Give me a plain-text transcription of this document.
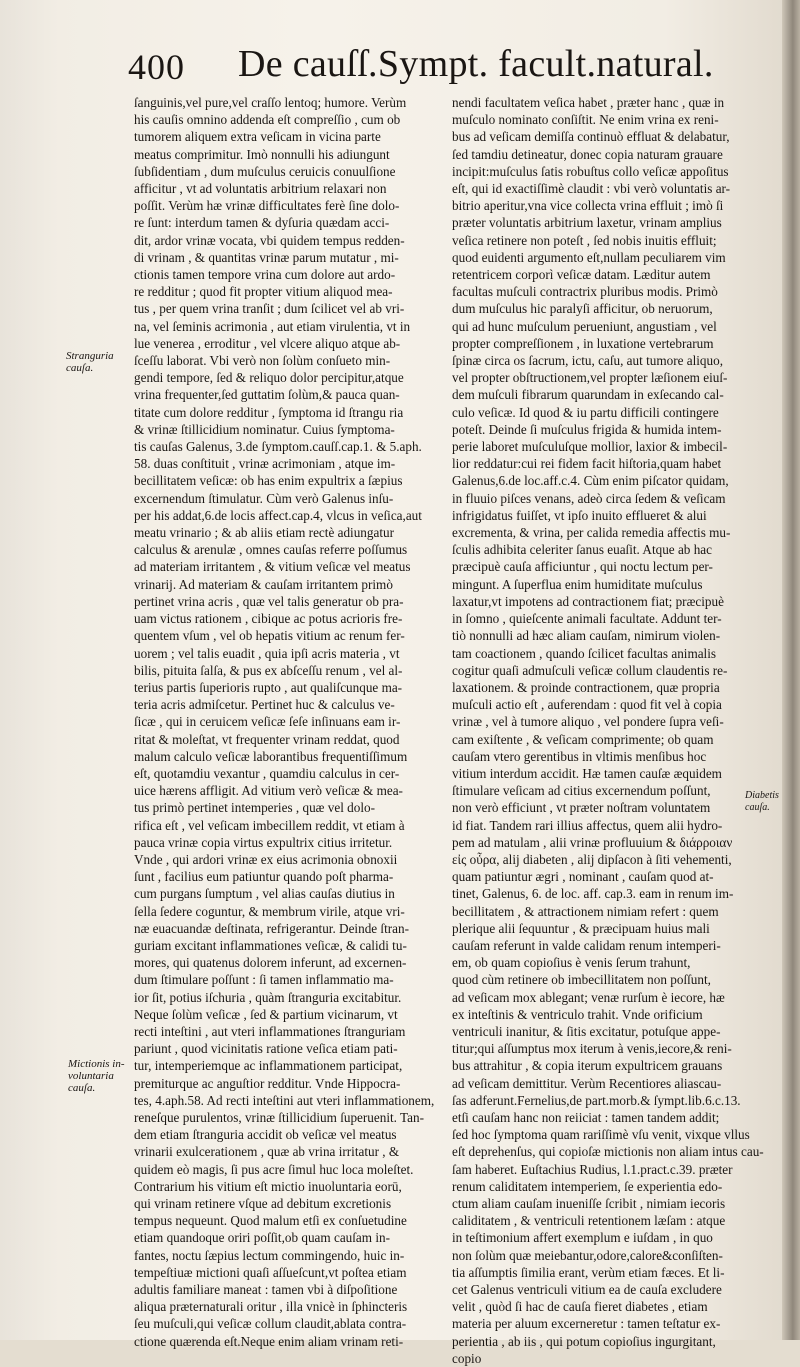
400 De cauſſ.Sympt. facult.natural.
Stranguria cauſa.
Mictionis in-voluntaria cauſa.
Diabetis cauſa.
ſanguinis,vel pure,vel craſſo lentoq; humore. Verùm
his cauſis omnino addenda eſt compreſſio , cum ob
tumorem aliquem extra veſicam in vicina parte
meatus comprimitur. Imò nonnulli his adiungunt
ſubſidentiam , dum muſculus ceruicis conuulſione
afficitur , vt ad voluntatis arbitrium relaxari non
poſſit. Verùm hæ vrinæ difficultates ferè ſine dolo-
re ſunt: interdum tamen & dyſuria quædam acci-
dit, ardor vrinæ vocata, vbi quidem tempus redden-
di vrinam , & quantitas vrinæ parum mutatur , mi-
ctionis tamen tempore vrina cum dolore aut ardo-
re redditur ; quod fit propter vitium aliquod mea-
tus , per quem vrina tranſit ; dum ſcilicet vel ab vri-
na, vel ſeminis acrimonia , aut etiam virulentia, vt in
lue venerea , erroditur , vel vlcere aliquo atque ab-
ſceſſu laborat. Vbi verò non ſolùm conſueto min-
gendi tempore, ſed & reliquo dolor percipitur,atque
vrina frequenter,ſed guttatim ſolùm,& pauca quan-
titate cum dolore redditur , ſymptoma id ſtrangu ria
& vrinæ ſtillicidium nominatur. Cuius ſymptoma-
tis cauſas Galenus, 3.de ſymptom.cauſſ.cap.1. & 5.aph.
58. duas conſtituit , vrinæ acrimoniam , atque im-
becillitatem veſicæ: ob has enim expultrix a ſæpius
excernendum ſtimulatur. Cùm verò Galenus inſu-
per his addat,6.de locis affect.cap.4, vlcus in veſica,aut
meatu vrinario ; & ab aliis etiam rectè adiungatur
calculus & arenulæ , omnes cauſas referre poſſumus
ad materiam irritantem , & vitium veſicæ vel meatus
vrinarij. Ad materiam & cauſam irritantem primò
pertinet vrina acris , quæ vel talis generatur ob pra-
uam victus rationem , cibique ac potus acrioris fre-
quentem vſum , vel ob hepatis vitium ac renum fer-
uorem ; vel talis euadit , quia ipſi acris materia , vt
bilis, pituita ſalſa, & pus ex abſceſſu renum , vel al-
terius partis ſuperioris rupto , aut qualiſcunque ma-
teria acris admiſcetur. Pertinet huc & calculus ve-
ſicæ , qui in ceruicem veſicæ ſeſe inſinuans eam ir-
ritat & moleſtat, vt frequenter vrinam reddat, quod
malum calculo veſicæ laborantibus frequentiſſimum
eſt, quotamdiu vexantur , quamdiu calculus in cer-
uice hærens affligit. Ad vitium verò veſicæ & mea-
tus primò pertinet intemperies , quæ vel dolo-
rifica eſt , vel veſicam imbecillem reddit, vt etiam à
pauca vrinæ copia virtus expultrix citius irritetur.
Vnde , qui ardori vrinæ ex eius acrimonia obnoxii
ſunt , facilius eum patiuntur quando poſt pharma-
cum purgans ſumptum , vel alias cauſas diutius in
ſella ſedere coguntur, & membrum virile, atque vri-
næ euacuandæ deſtinata, refrigerantur. Deinde ſtran-
guriam excitant inflammationes veſicæ, & calidi tu-
mores, qui quatenus dolorem inferunt, ad excernen-
dum ſtimulare poſſunt : ſi tamen inflammatio ma-
ior ſit, potius iſchuria , quàm ſtranguria excitabitur.
Neque ſolùm veſicæ , ſed & partium vicinarum, vt
recti inteſtini , aut vteri inflammationes ſtranguriam
pariunt , quod vicinitatis ratione veſica etiam pati-
tur, intemperiemque ac inflammationem participat,
premiturque ac anguſtior redditur. Vnde Hippocra-
tes, 4.aph.58. Ad recti inteſtini aut vteri inflammationem,
reneſque purulentos, vrinæ ſtillicidium ſuperuenit. Tan-
dem etiam ſtranguria accidit ob veſicæ vel meatus
vrinarii exulcerationem , quæ ab vrina irritatur , &
quidem eò magis, ſi pus acre ſimul huc loca moleſtet.
Contrarium his vitium eſt mictio inuoluntaria eorū,
qui vrinam retinere vſque ad debitum excretionis
tempus nequeunt. Quod malum etſi ex conſuetudine
etiam quandoque oriri poſſit,ob quam cauſam in-
fantes, noctu ſæpius lectum commingendo, huic in-
tempeſtiuæ mictioni quaſi aſſueſcunt,vt poſtea etiam
adultis familiare maneat : tamen vbi à diſpoſitione
aliqua præternaturali oritur , illa vnicè in ſphincteris
ſeu muſculi,qui veſicæ collum claudit,ablata contra-
ctione quærenda eſt.Neque enim aliam vrinam reti-
nendi facultatem veſica habet , præter hanc , quæ in
muſculo nominato conſiſtit. Ne enim vrina ex reni-
bus ad veſicam demiſſa continuò effluat & delabatur,
ſed tamdiu detineatur, donec copia naturam grauare
incipit:muſculus ſatis robuſtus collo veſicæ appoſitus
eſt, qui id exactiſſimè claudit : vbi verò voluntatis ar-
bitrio aperitur,vna vice collecta vrina effluit ; imò ſi
præter voluntatis arbitrium laxetur, vrinam amplius
veſica retinere non poteſt , ſed nobis inuitis effluit;
quod euidenti argumento eſt,nullam peculiarem vim
retentricem corporì veſicæ datam. Læditur autem
facultas muſculi contractrix pluribus modis. Primò
dum muſculus hic paralyſi afficitur, ob neruorum,
qui ad hunc muſculum perueniunt, angustiam , vel
propter compreſſionem , in luxatione vertebrarum
ſpinæ circa os ſacrum, ictu, caſu, aut tumore aliquo,
vel propter obſtructionem,vel propter læſionem eiuſ-
dem muſculi fibrarum quarundam in exſecando cal-
culo veſicæ. Id quod & iu partu difficili contingere
poteſt. Deinde ſi muſculus frigida & humida intem-
perie laboret muſculuſque mollior, laxior & imbecil-
lior reddatur:cui rei fidem facit hiſtoria,quam habet
Galenus,6.de loc.aff.c.4. Cùm enim piſcator quidam,
in fluuio piſces venans, adeò circa ſedem & veſicam
infrigidatus fuiſſet, vt ipſo inuito efflueret & alui
excrementa, & vrina, per calida remedia affectis mu-
ſculis adhibita celeriter ſanus euaſit. Atque ab hac
præcipuè cauſa afficiuntur , qui noctu lectum per-
mingunt. A ſuperflua enim humiditate muſculus
laxatur,vt impotens ad contractionem fiat; præcipuè
in ſomno , quieſcente animali facultate. Addunt ter-
tiò nonnulli ad hæc aliam cauſam, nimirum violen-
tam coactionem , quando ſcilicet facultas animalis
cogitur quaſi admuſculi veſicæ collum claudentis re-
laxationem. & proinde contractionem, quæ propria
muſculi actio eſt , auferendam : quod fit vel à copia
vrinæ , vel à tumore aliquo , vel pondere ſupra veſi-
cam exiſtente , & veſicam comprimente; ob quam
cauſam vtero gerentibus in vltimis menſibus hoc
vitium interdum accidit. Hæ tamen cauſæ æquidem
ſtimulare veſicam ad citius excernendum poſſunt,
non verò efficiunt , vt præter noſtram voluntatem
id fiat. Tandem rari illius affectus, quem alii hydro-
pem ad matulam , alii vrinæ profluuium & διάρροιαν
εἰς οὖρα, alij diabeten , alij dipſacon à ſiti vehementi,
quam patiuntur ægri , nominant , cauſam quod at-
tinet, Galenus, 6. de loc. aff. cap.3. eam in renum im-
becillitatem , & attractionem nimiam refert : quem
plerique alii ſequuntur , & præcipuam huius mali
cauſam referunt in valde calidam renum intemperi-
em, ob quam copioſius è venis ſerum trahunt,
quod cùm retinere ob imbecillitatem non poſſunt,
ad veſicam mox ablegant; venæ rurſum è iecore, hæ
ex inteſtinis & ventriculo trahit. Vnde orificium
ventriculi inanitur, & ſitis excitatur, potuſque appe-
titur;qui aſſumptus mox iterum à venis,iecore,& reni-
bus attrahitur , & copia iterum expultricem grauans
ad veſicam demittitur. Verùm Recentiores aliascau-
ſas adferunt.Fernelius,de part.morb.& ſympt.lib.6.c.13.
etſi cauſam hanc non reiiciat : tamen tandem addit;
ſed hoc ſymptoma quam rariſſimè vſu venit, vixque vllus
eſt deprehenſus, qui copioſæ mictionis non aliam intus cau-
ſam haberet. Euſtachius Rudius, l.1.pract.c.39. præter
renum caliditatem intemperiem, ſe experientia edo-
ctum aliam cauſam inueniſſe ſcribit , nimiam iecoris
caliditatem , & ventriculi retentionem læſam : atque
in teſtimonium affert exemplum e iuſdam , in quo
non ſolùm quæ meiebantur,odore,calore&conſiſten-
tia aſſumptis ſimilia erant, verùm etiam fæces. Et li-
cet Galenus ventriculi vitium ea de cauſa excludere
velit , quòd ſi hac de cauſa fieret diabetes , etiam
materia per aluum excerneretur : tamen teſtatur ex-
perientia , ab iis , qui potum copioſius ingurgitant,
copio
